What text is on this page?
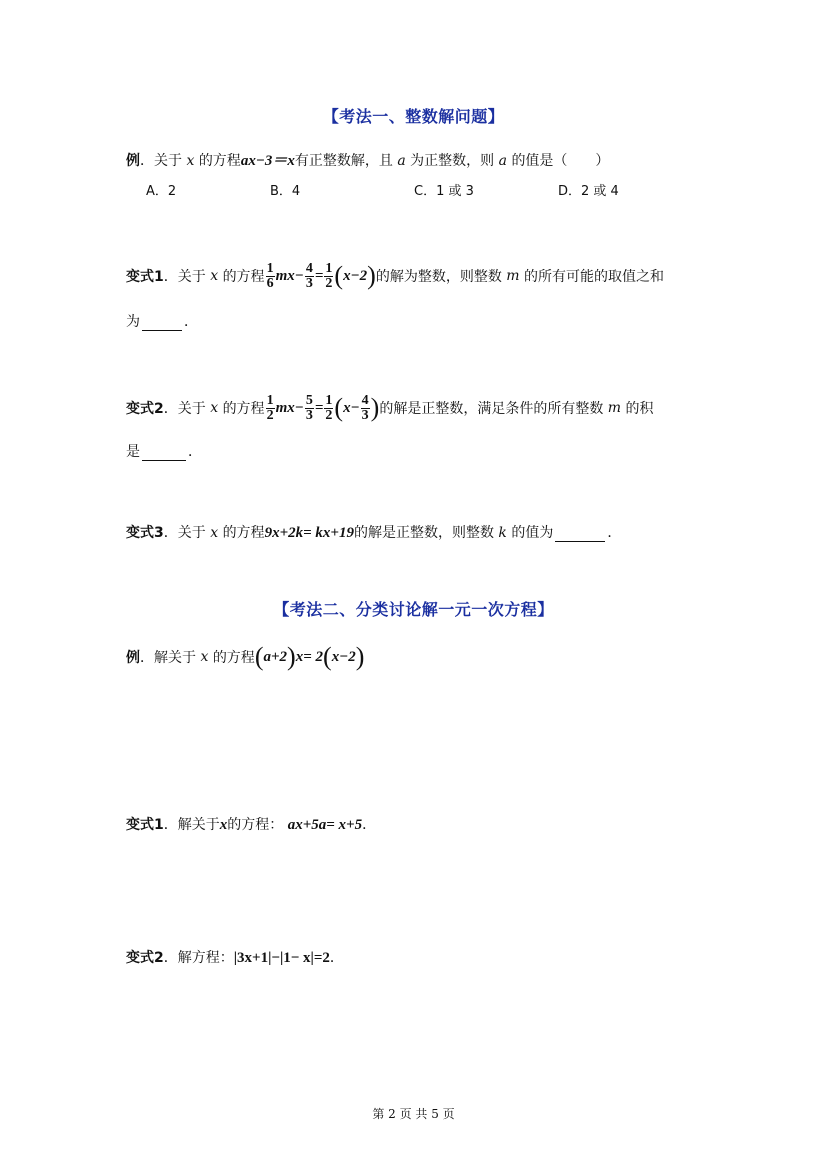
【考法一、整数解问题】
例．关于 x 的方程ax−3＝x有正整数解，且 a 为正整数，则 a 的值是（　　）
A．2	B．4	C．1 或 3	D．2 或 4
变式1 ．关于
x
的方程 $\frac{1}{6} mx- \frac{4}{3} = \frac{1}{2}$ ( x−2 ) 的解为整数，则整数
m
的所有可能的取值之和
为	．
变式2 ．关于
x
的方程 $\frac{1}{2} mx- \frac{5}{3} = \frac{1}{2}$ ( $x- \frac{4}{3}$ ) 的解是正整数，满足条件的所有整数
m
的积
是	．
变式3．关于 x 的方程9x+2k= kx+19的解是正整数，则整数 k 的值为	．
【考法二、分类讨论解一元一次方程】
例 ．解关于
x
的方程 ( a+2 ) x= 2 ( x−2 )
变式1．解关于x的方程： ax+5a= x+5．
变式2．解方程：|3x+1|−|1− x|=2．
第 2 页 共 5 页
